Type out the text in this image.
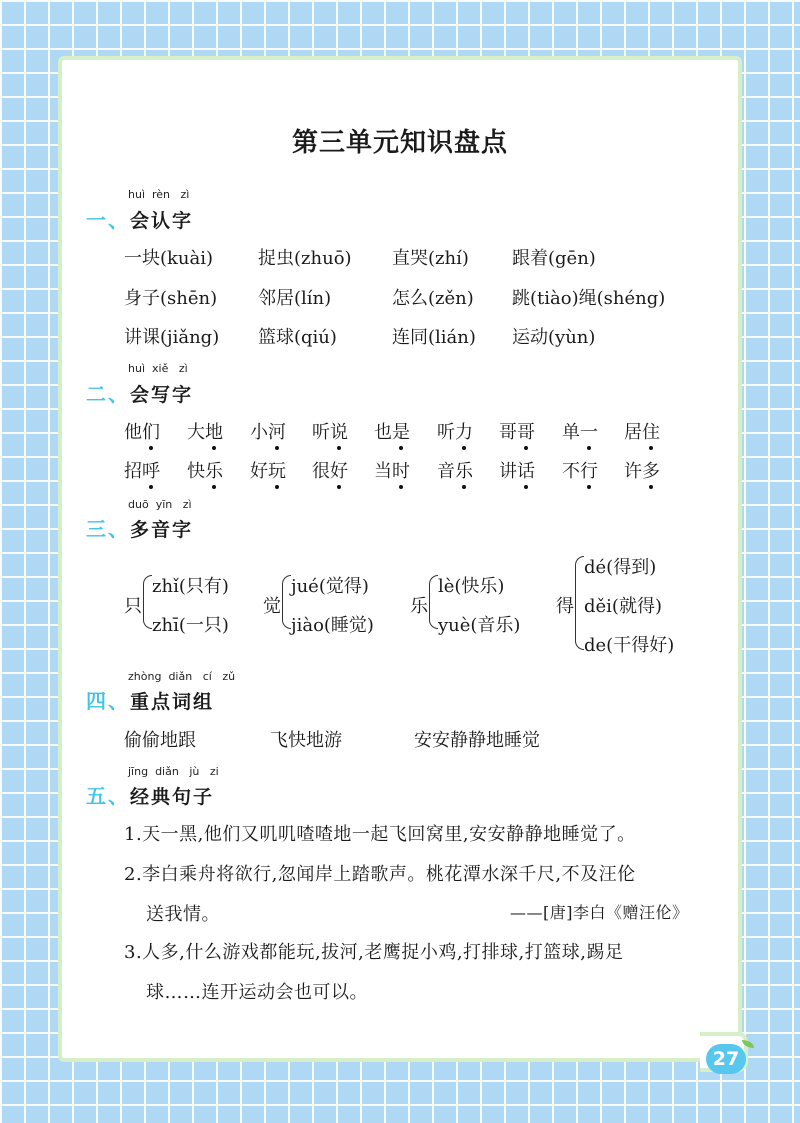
27
第三单元知识盘点
huì rèn zì
一、会认字
一块(kuài) 捉虫(zhuō) 直哭(zhí) 跟着(gēn)
身子(shēn) 邻居(lín)	怎么(zěn) 跳(tiào)绳(shéng)
讲课(jiǎng) 篮球(qiú)	连同(lián) 运动(yùn)
huì xiě zì
二、会写字
他们 大地 小河 听说 也是 听力 哥哥 单一 居住
招呼 快乐 好玩 很好 当时 音乐 讲话 不行 许多
duō yīn zì
三、多音字
只
zhǐ(只有)
zhī(一只)
觉
jué(觉得)
jiào(睡觉)
乐
lè(快乐)
yuè(音乐)
得
dé(得到)
děi(就得)
de(干得好)
zhòng diǎn cí zǔ
四、重点词组
偷偷地跟	飞快地游	安安静静地睡觉
jīng diǎn jù zi
五、经典句子
1.天一黑,他们又叽叽喳喳地一起飞回窝里,安安静静地睡觉了。
2.李白乘舟将欲行,忽闻岸上踏歌声。桃花潭水深千尺,不及汪伦
送我情。	——[唐]李白《赠汪伦》
3.人多,什么游戏都能玩,拔河,老鹰捉小鸡,打排球,打篮球,踢足
球……连开运动会也可以。
